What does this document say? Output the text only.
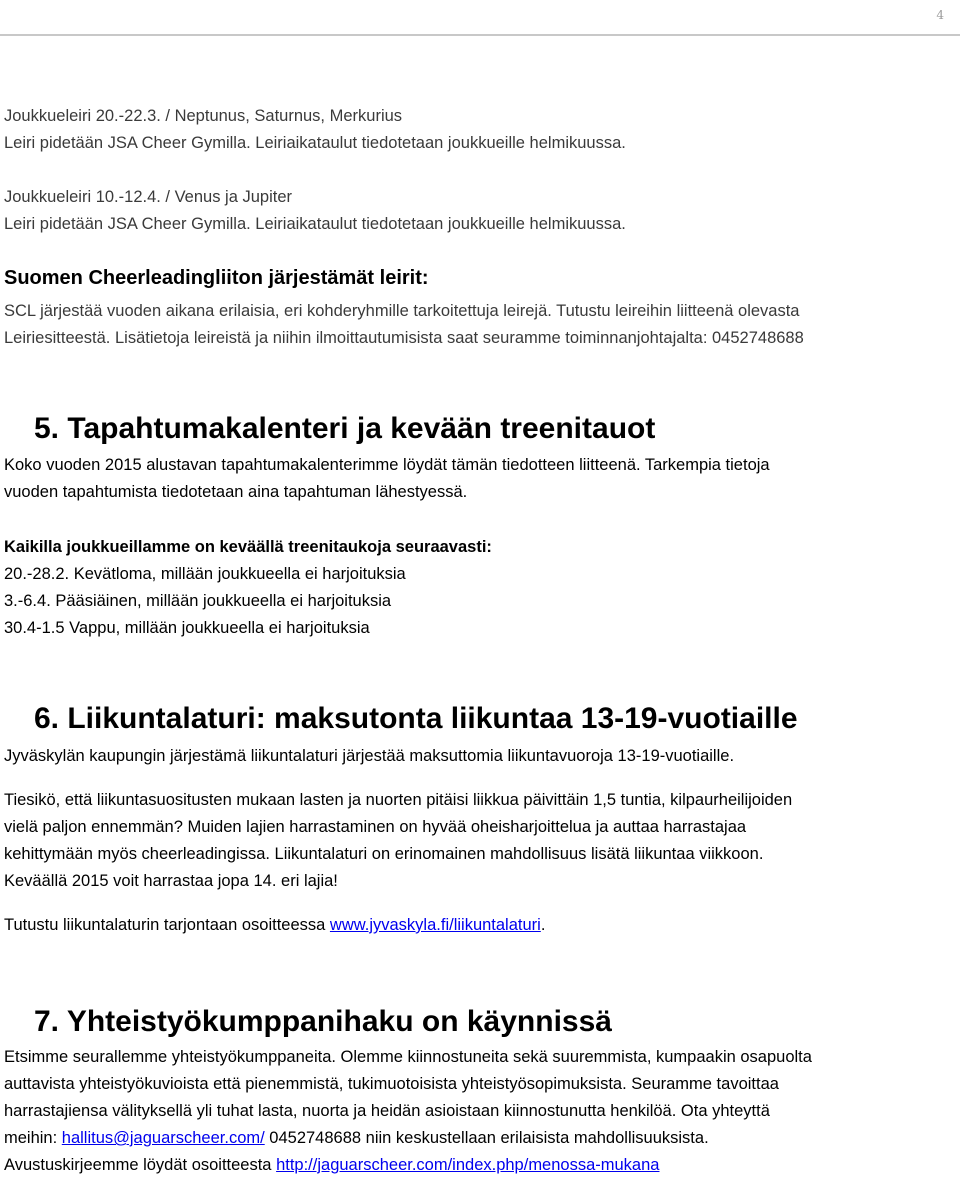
4
Joukkueleiri 20.-22.3. / Neptunus, Saturnus, Merkurius
Leiri pidetään JSA Cheer Gymilla. Leiriaikataulut tiedotetaan joukkueille helmikuussa.
Joukkueleiri 10.-12.4. / Venus ja Jupiter
Leiri pidetään JSA Cheer Gymilla. Leiriaikataulut tiedotetaan joukkueille helmikuussa.
Suomen Cheerleadingliiton järjestämät leirit:
SCL järjestää vuoden aikana erilaisia, eri kohderyhmille tarkoitettuja leirejä. Tutustu leireihin liitteenä olevasta
Leiriesitteestä. Lisätietoja leireistä ja niihin ilmoittautumisista saat seuramme toiminnanjohtajalta: 0452748688
5. Tapahtumakalenteri ja kevään treenitauot
Koko vuoden 2015 alustavan tapahtumakalenterimme löydät tämän tiedotteen liitteenä. Tarkempia tietoja
vuoden tapahtumista tiedotetaan aina tapahtuman lähestyessä.
Kaikilla joukkueillamme on keväällä treenitaukoja seuraavasti:
20.-28.2. Kevätloma, millään joukkueella ei harjoituksia
3.-6.4. Pääsiäinen, millään joukkueella ei harjoituksia
30.4-1.5 Vappu, millään joukkueella ei harjoituksia
6. Liikuntalaturi: maksutonta liikuntaa 13-19-vuotiaille
Jyväskylän kaupungin järjestämä liikuntalaturi järjestää maksuttomia liikuntavuoroja 13-19-vuotiaille.
Tiesikö, että liikuntasuositusten mukaan lasten ja nuorten pitäisi liikkua päivittäin 1,5 tuntia, kilpaurheilijoiden
vielä paljon ennemmän? Muiden lajien harrastaminen on hyvää oheisharjoittelua ja auttaa harrastajaa
kehittymään myös cheerleadingissa. Liikuntalaturi on erinomainen mahdollisuus lisätä liikuntaa viikkoon.
Keväällä 2015 voit harrastaa jopa 14. eri lajia!
Tutustu liikuntalaturin tarjontaan osoitteessa www.jyvaskyla.fi/liikuntalaturi.
7. Yhteistyökumppanihaku on käynnissä
Etsimme seurallemme yhteistyökumppaneita. Olemme kiinnostuneita sekä suuremmista, kumpaakin osapuolta
auttavista yhteistyökuvioista että pienemmistä, tukimuotoisista yhteistyösopimuksista. Seuramme tavoittaa
harrastajiensa välityksellä yli tuhat lasta, nuorta ja heidän asioistaan kiinnostunutta henkilöä. Ota yhteyttä
meihin: hallitus@jaguarscheer.com/ 0452748688 niin keskustellaan erilaisista mahdollisuuksista.
Avustuskirjeemme löydät osoitteesta http://jaguarscheer.com/index.php/menossa-mukana
